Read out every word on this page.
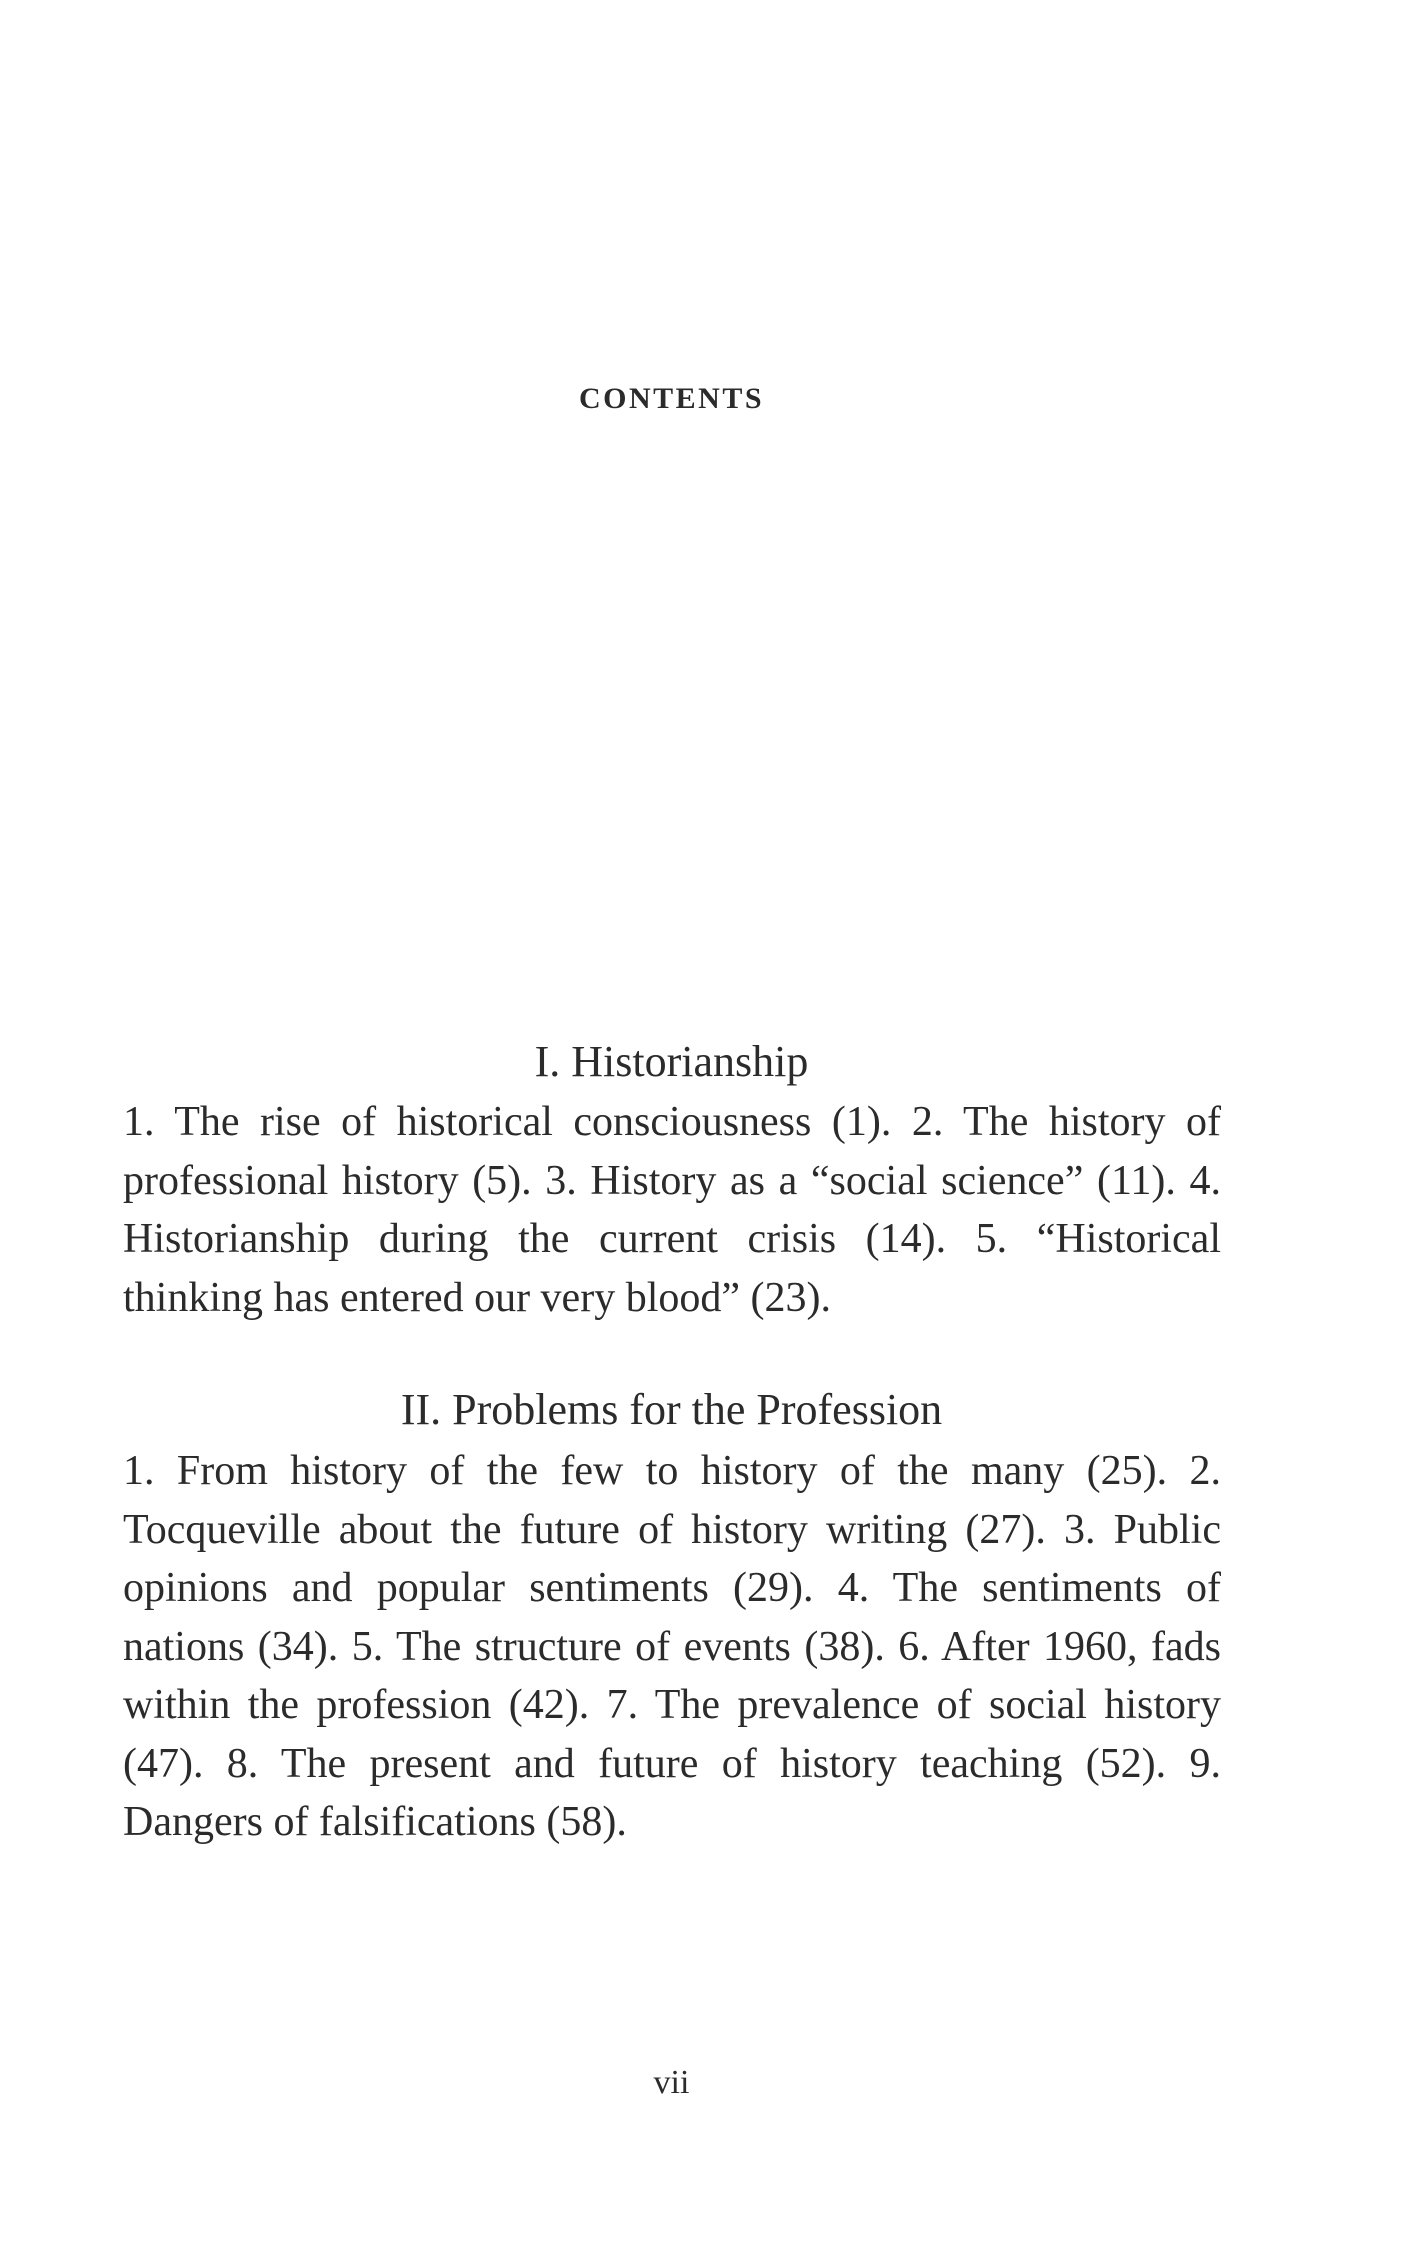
CONTENTS
I. Historianship

1. The rise of historical consciousness (1). 2. The history of professional history (5). 3. History as a “social science” (11). 4. Historianship during the current crisis (14). 5. “Historical thinking has entered our very blood” (23).

II. Problems for the Profession

1. From history of the few to history of the many (25). 2. Tocqueville about the future of history writing (27). 3. Public opinions and popular sentiments (29). 4. The sentiments of nations (34). 5. The structure of events (38). 6. After 1960, fads within the profession (42). 7. The prevalence of social history (47). 8. The present and future of history teaching (52). 9. Dangers of falsifications (58).

vii
